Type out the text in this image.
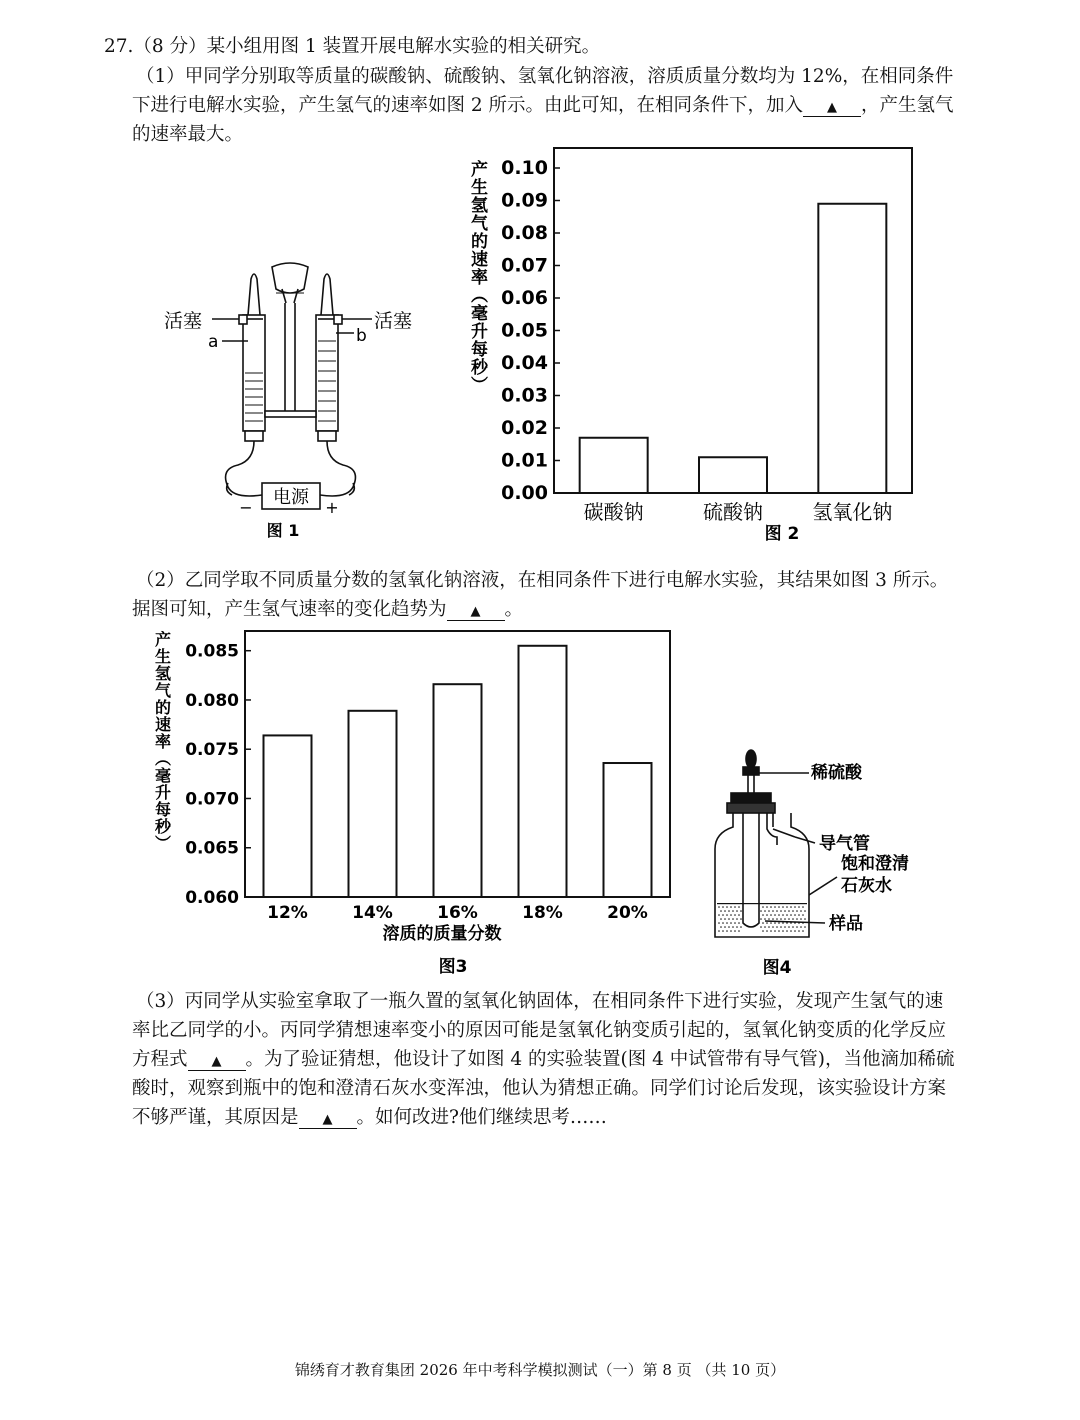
27.（8 分）某小组用图 1 装置开展电解水实验的相关研究。
（1）甲同学分别取等质量的碳酸钠、硫酸钠、氢氧化钠溶液，溶质质量分数均为 12%，在相同条件
下进行电解水实验，产生氢气的速率如图 2 所示。由此可知，在相同条件下，加入 ▲ ，产生氢气
的速率最大。
活塞	活塞
a	b
电源
−	+
图 1
产生氢气的速率（毫升每秒）
0.00
0.01
0.02
0.03
0.04
0.05
0.06
0.07
0.08
0.09
0.10
碳酸钠	硫酸钠 氢氧化钠
图 2
（2）乙同学取不同质量分数的氢氧化钠溶液，在相同条件下进行电解水实验，其结果如图 3 所示。
据图可知，产生氢气速率的变化趋势为 ▲ 。
产生氢气的速率（毫升每秒）
0.060
0.065
0.070
0.075
0.080
0.085
12%	14%	16%	18%	20%
溶质的质量分数
图3
稀硫酸
导气管
饱和澄清
石灰水
样品
图4
（3）丙同学从实验室拿取了一瓶久置的氢氧化钠固体，在相同条件下进行实验，发现产生氢气的速
率比乙同学的小。丙同学猜想速率变小的原因可能是氢氧化钠变质引起的，氢氧化钠变质的化学反应
方程式 ▲ 。为了验证猜想，他设计了如图 4 的实验装置(图 4 中试管带有导气管)，当他滴加稀硫
酸时，观察到瓶中的饱和澄清石灰水变浑浊，他认为猜想正确。同学们讨论后发现，该实验设计方案
不够严谨，其原因是 ▲ 。如何改进?他们继续思考……
锦绣育才教育集团 2026 年中考科学模拟测试（一）第 8 页 （共 10 页）
